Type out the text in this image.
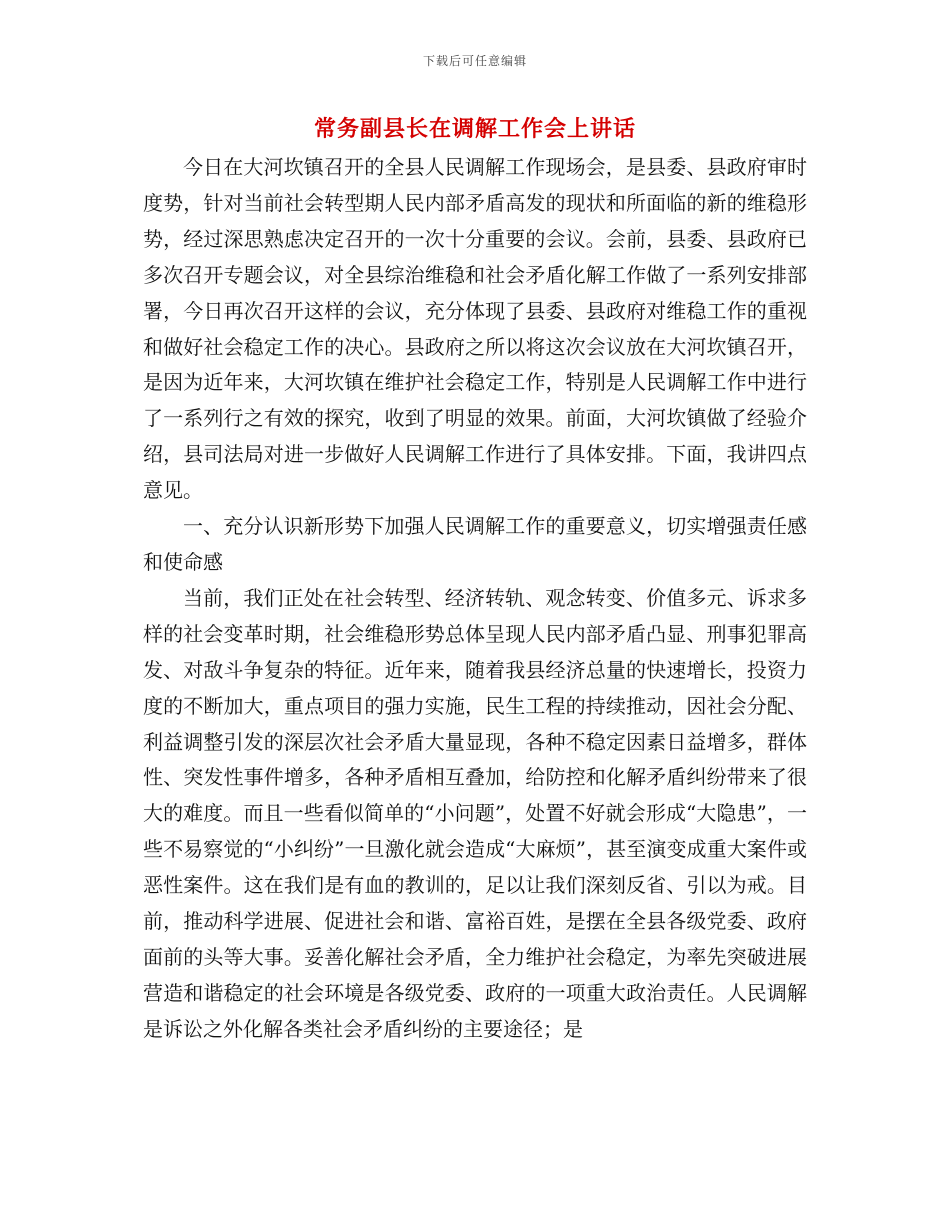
下载后可任意编辑
常务副县长在调解工作会上讲话

今日在大河坎镇召开的全县人民调解工作现场会，是县委、县政府审时度势，针对当前社会转型期人民内部矛盾高发的现状和所面临的新的维稳形势，经过深思熟虑决定召开的一次十分重要的会议。会前，县委、县政府已多次召开专题会议，对全县综治维稳和社会矛盾化解工作做了一系列安排部署，今日再次召开这样的会议，充分体现了县委、县政府对维稳工作的重视和做好社会稳定工作的决心。县政府之所以将这次会议放在大河坎镇召开，是因为近年来，大河坎镇在维护社会稳定工作，特别是人民调解工作中进行了一系列行之有效的探究，收到了明显的效果。前面，大河坎镇做了经验介绍，县司法局对进一步做好人民调解工作进行了具体安排。下面，我讲四点意见。

一、充分认识新形势下加强人民调解工作的重要意义，切实增强责任感和使命感

当前，我们正处在社会转型、经济转轨、观念转变、价值多元、诉求多样的社会变革时期，社会维稳形势总体呈现人民内部矛盾凸显、刑事犯罪高发、对敌斗争复杂的特征。近年来，随着我县经济总量的快速增长，投资力度的不断加大，重点项目的强力实施，民生工程的持续推动，因社会分配、利益调整引发的深层次社会矛盾大量显现，各种不稳定因素日益增多，群体性、突发性事件增多，各种矛盾相互叠加，给防控和化解矛盾纠纷带来了很大的难度。而且一些看似简单的“小问题”，处置不好就会形成“大隐患”，一些不易察觉的“小纠纷”一旦激化就会造成“大麻烦”，甚至演变成重大案件或恶性案件。这在我们是有血的教训的，足以让我们深刻反省、引以为戒。目前，推动科学进展、促进社会和谐、富裕百姓，是摆在全县各级党委、政府面前的头等大事。妥善化解社会矛盾，全力维护社会稳定，为率先突破进展营造和谐稳定的社会环境是各级党委、政府的一项重大政治责任。人民调解是诉讼之外化解各类社会矛盾纠纷的主要途径；是
